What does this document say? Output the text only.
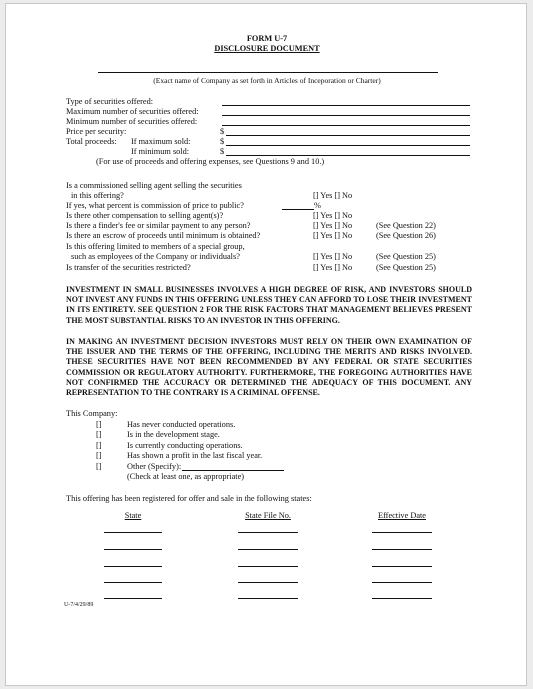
FORM U-7
DISCLOSURE DOCUMENT
(Exact name of Company as set forth in Articles of Inceporation or Charter)
Type of securities offered:
Maximum number of securities offered:
Minimum number of securities offered:
Price per security:	$
Total proceeds: If maximum sold:	$
If minimum sold:	$
(For use of proceeds and offering expenses, see Questions 9 and 10.)
Is a commissioned selling agent selling the securities
in this offering?	[] Yes [] No
If yes, what percent is commission of price to public?	%
Is there other compensation to selling agent(s)?	[] Yes [] No
Is there a finder's fee or similar payment to any person?	[] Yes [] No	(See Question 22)
Is there an escrow of proceeds until minimum is obtained?	[] Yes [] No	(See Question 26)
Is this offering limited to members of a special group,
such as employees of the Company or individuals?	[] Yes [] No	(See Question 25)
Is transfer of the securities restricted?	[] Yes [] No	(See Question 25)
INVESTMENT IN SMALL BUSINESSES INVOLVES A HIGH DEGREE OF RISK, AND INVESTORS SHOULD NOT INVEST ANY FUNDS IN THIS OFFERING UNLESS THEY CAN AFFORD TO LOSE THEIR INVESTMENT IN ITS ENTIRETY. SEE QUESTION 2 FOR THE RISK FACTORS THAT MANAGEMENT BELIEVES PRESENT THE MOST SUBSTANTIAL RISKS TO AN INVESTOR IN THIS OFFERING.
IN MAKING AN INVESTMENT DECISION INVESTORS MUST RELY ON THEIR OWN EXAMINATION OF THE ISSUER AND THE TERMS OF THE OFFERING, INCLUDING THE MERITS AND RISKS INVOLVED. THESE SECURITIES HAVE NOT BEEN RECOMMENDED BY ANY FEDERAL OR STATE SECURITIES COMMISSION OR REGULATORY AUTHORITY. FURTHERMORE, THE FOREGOING AUTHORITIES HAVE NOT CONFIRMED THE ACCURACY OR DETERMINED THE ADEQUACY OF THIS DOCUMENT. ANY REPRESENTATION TO THE CONTRARY IS A CRIMINAL OFFENSE.
This Company:
[]	Has never conducted operations.
[]	Is in the development stage.
[]	Is currently conducting operations.
[]	Has shown a profit in the last fiscal year.
[]	Other (Specify):
(Check at least one, as appropriate)
This offering has been registered for offer and sale in the following states:
State	State File No.	Effective Date
U-7/4/29/89
